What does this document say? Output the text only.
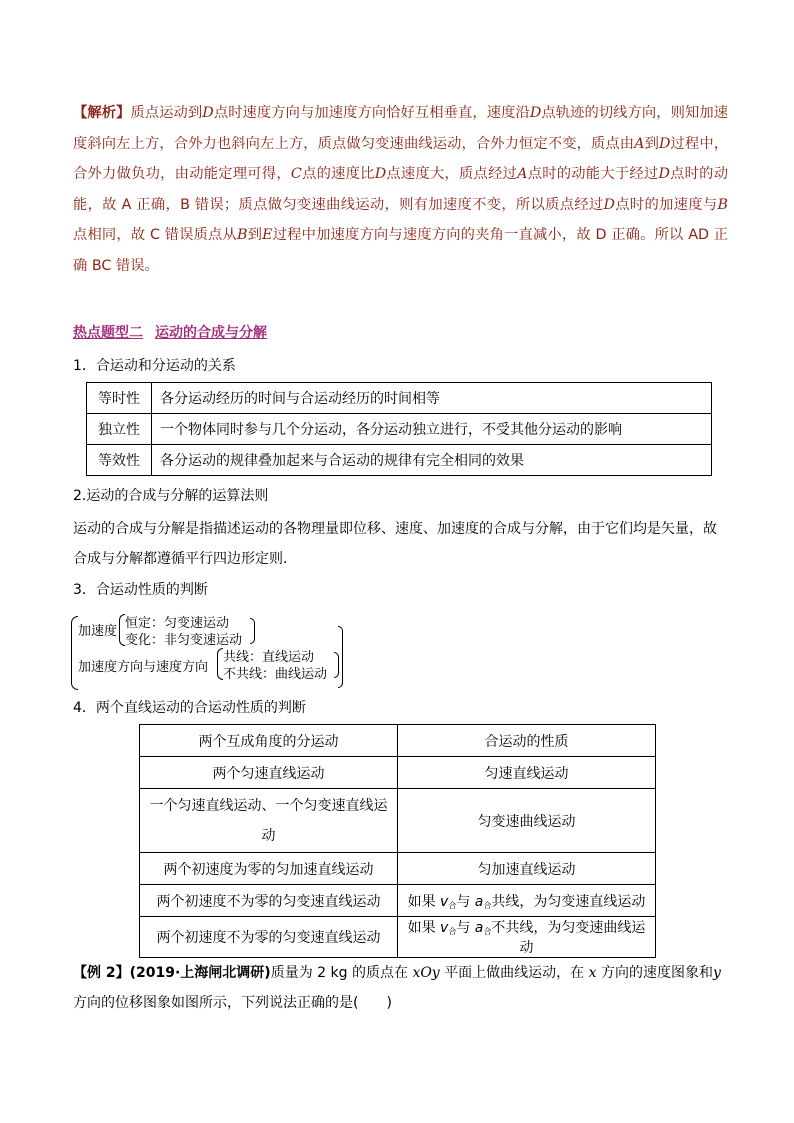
【解析】质点运动到D点时速度方向与加速度方向恰好互相垂直，速度沿D点轨迹的切线方向，则知加速度斜向左上方，合外力也斜向左上方，质点做匀变速曲线运动，合外力恒定不变，质点由A到D过程中，合外力做负功，由动能定理可得，C点的速度比D点速度大，质点经过A点时的动能大于经过D点时的动能，故 A 正确，B 错误；质点做匀变速曲线运动，则有加速度不变，所以质点经过D点时的加速度与B点相同，故 C 错误质点从B到E过程中加速度方向与速度方向的夹角一直减小，故 D 正确。所以 AD 正确 BC 错误。
热点题型二 运动的合成与分解
1．合运动和分运动的关系
等时性	各分运动经历的时间与合运动经历的时间相等
独立性	一个物体同时参与几个分运动，各分运动独立进行，不受其他分运动的影响
等效性	各分运动的规律叠加起来与合运动的规律有完全相同的效果
2.运动的合成与分解的运算法则
运动的合成与分解是指描述运动的各物理量即位移、速度、加速度的合成与分解，由于它们均是矢量，故合成与分解都遵循平行四边形定则．
3．合运动性质的判断
加速度
恒定：匀变速运动
变化：非匀变速运动
加速度方向与速度方向
共线：直线运动
不共线：曲线运动
4．两个直线运动的合运动性质的判断
两个互成角度的分运动	合运动的性质
两个匀速直线运动	匀速直线运动
一个匀速直线运动、一个匀变速直线运动	匀变速曲线运动
两个初速度为零的匀加速直线运动	匀加速直线运动
两个初速度不为零的匀变速直线运动	如果 $v_合$与 $a_合$共线，为匀变速直线运动
两个初速度不为零的匀变速直线运动	如果 $v_合$与 $a_合$不共线，为匀变速曲线运动
【例 2】(2019·上海闸北调研)质量为 2 kg 的质点在 xOy 平面上做曲线运动，在 x 方向的速度图象和y 方向的位移图象如图所示，下列说法正确的是(　　)
